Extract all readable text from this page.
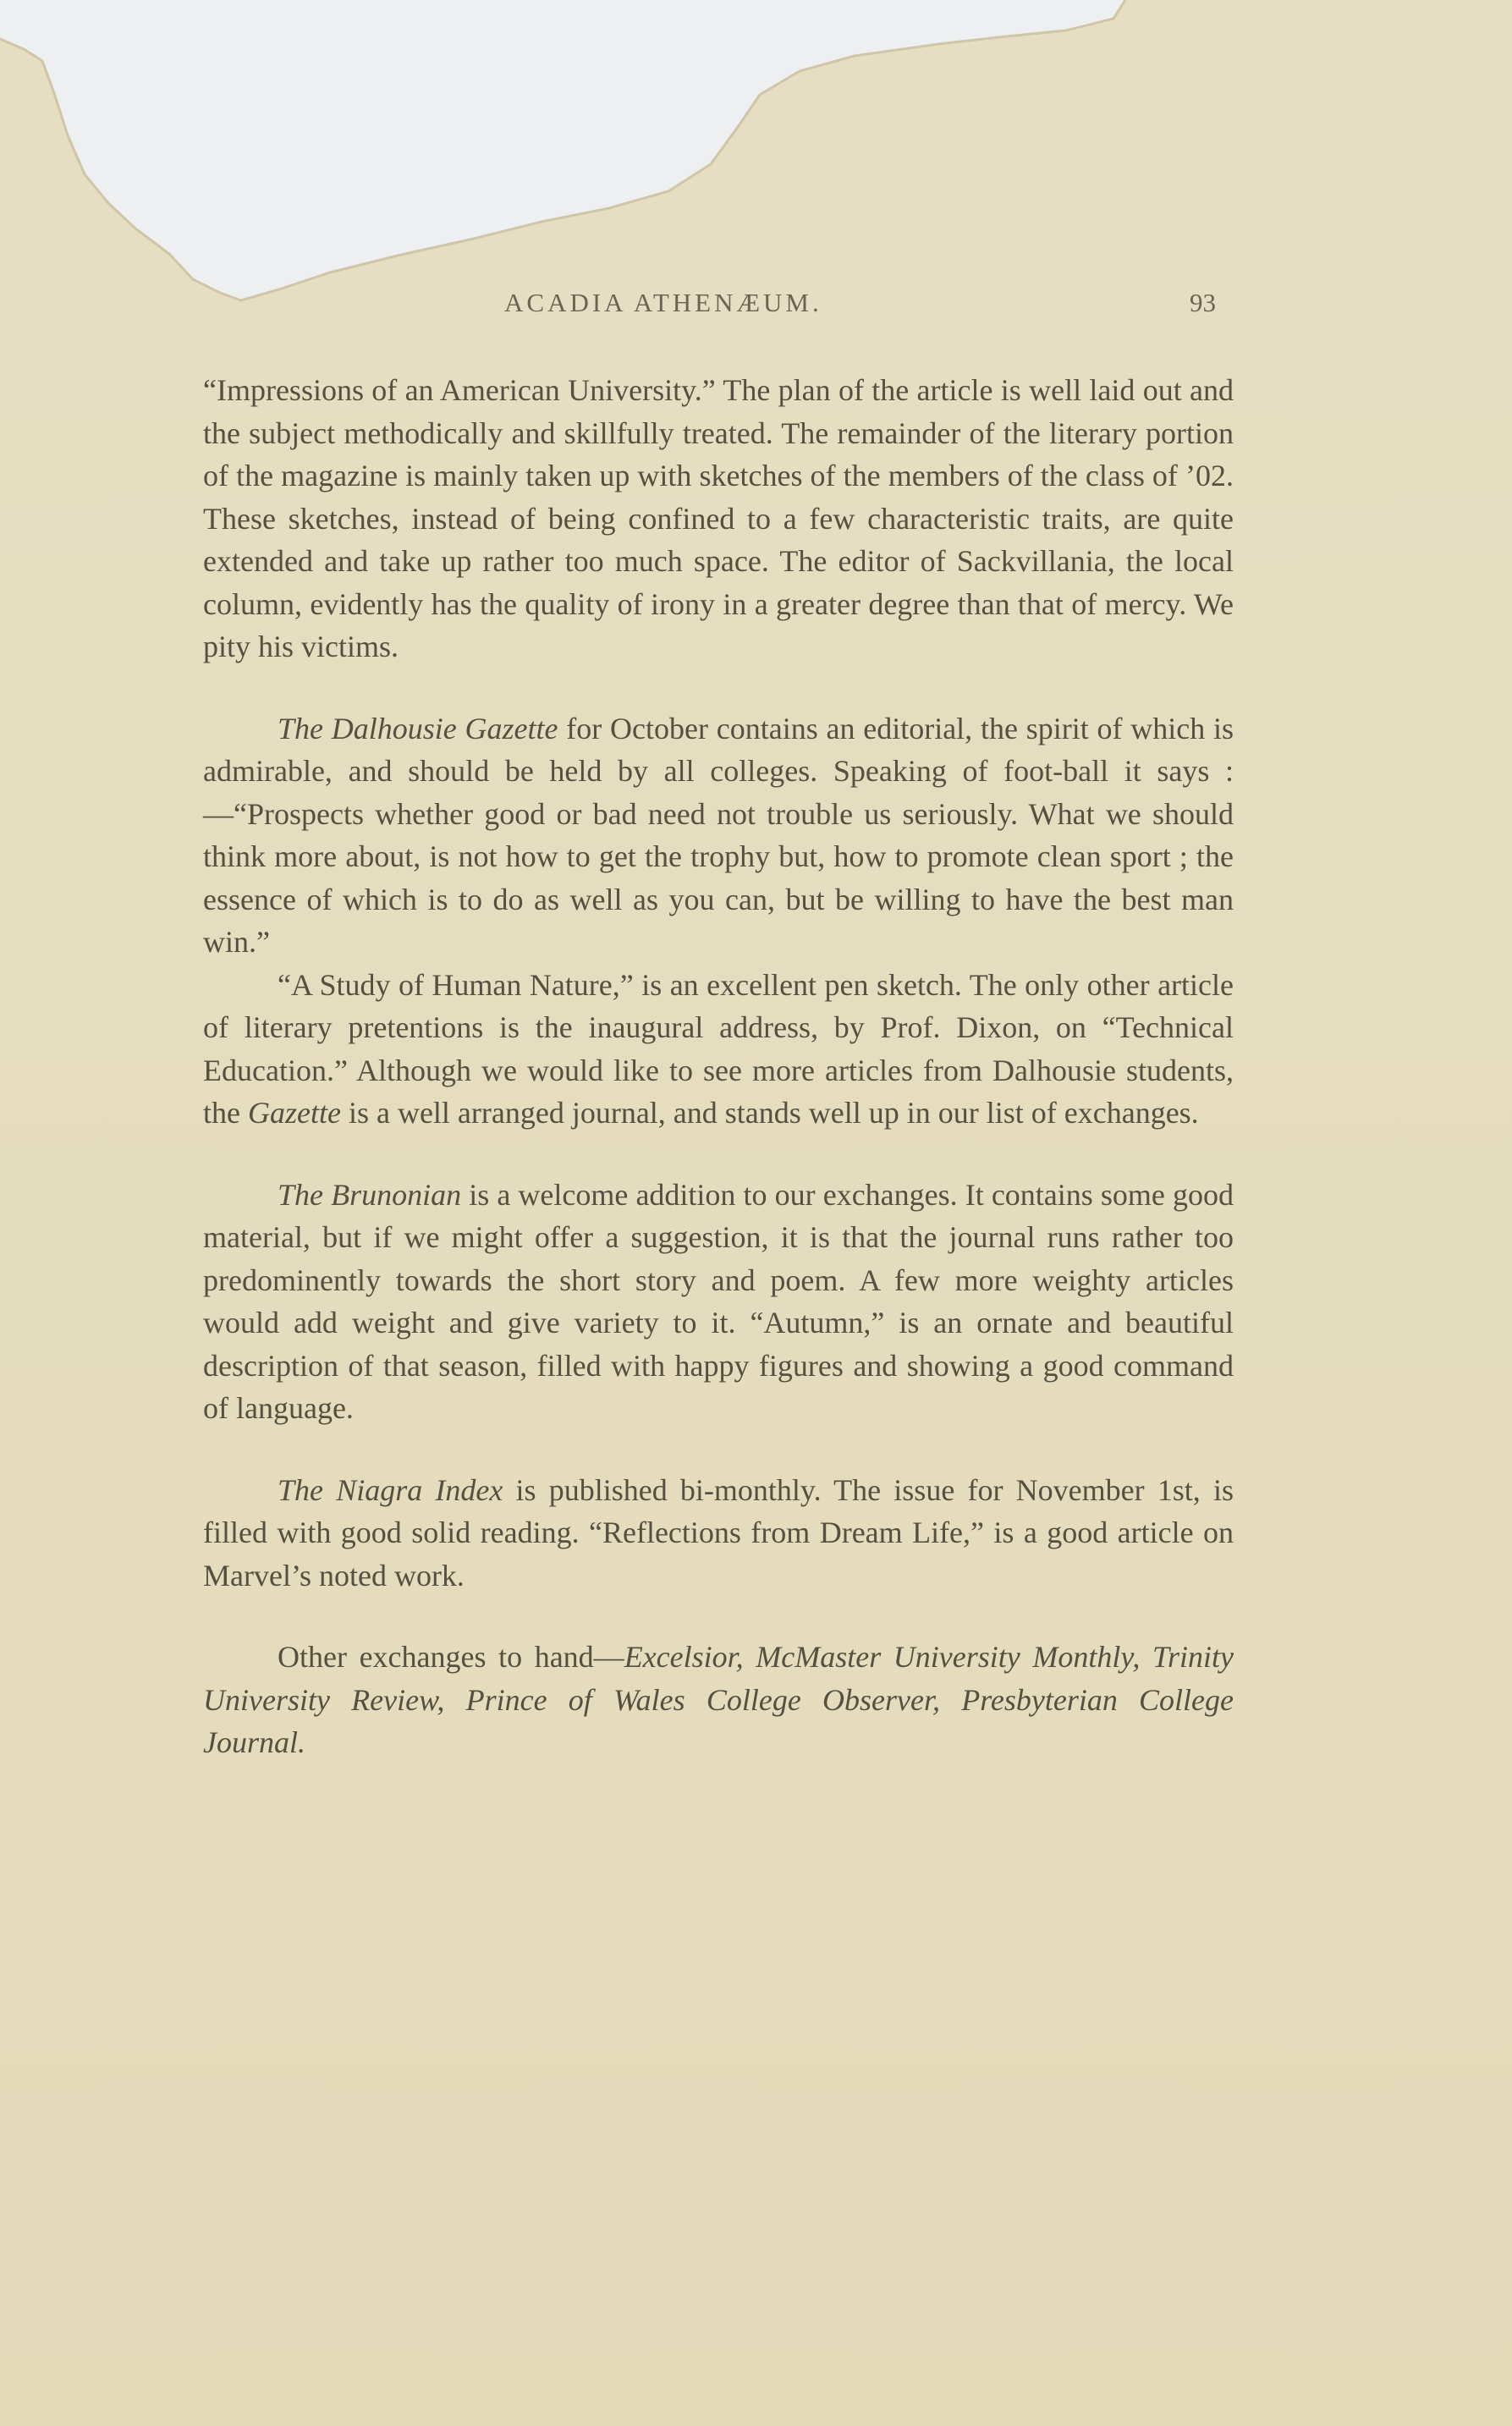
ACADIA ATHENÆUM.	93

“Impressions of an American University.” The plan of the article is well laid out and the subject methodically and skillfully treated. The remainder of the literary portion of the magazine is mainly taken up with sketches of the members of the class of ’02. These sketches, instead of being confined to a few characteristic traits, are quite extended and take up rather too much space. The editor of Sackvillania, the local column, evidently has the quality of irony in a greater degree than that of mercy. We pity his victims.

The Dalhousie Gazette for October contains an editorial, the spirit of which is admirable, and should be held by all colleges. Speaking of foot-ball it says :—“Prospects whether good or bad need not trouble us seriously. What we should think more about, is not how to get the trophy but, how to promote clean sport ; the essence of which is to do as well as you can, but be willing to have the best man win.”

“A Study of Human Nature,” is an excellent pen sketch. The only other article of literary pretentions is the inaugural address, by Prof. Dixon, on “Technical Education.” Although we would like to see more articles from Dalhousie students, the Gazette is a well arranged journal, and stands well up in our list of exchanges.

The Brunonian is a welcome addition to our exchanges. It contains some good material, but if we might offer a suggestion, it is that the journal runs rather too predominently towards the short story and poem. A few more weighty articles would add weight and give variety to it. “Autumn,” is an ornate and beautiful description of that season, filled with happy figures and showing a good command of language.

The Niagra Index is published bi-monthly. The issue for November 1st, is filled with good solid reading. “Reflections from Dream Life,” is a good article on Marvel’s noted work.

Other exchanges to hand—Excelsior, McMaster University Monthly, Trinity University Review, Prince of Wales College Observer, Presbyterian College Journal.
